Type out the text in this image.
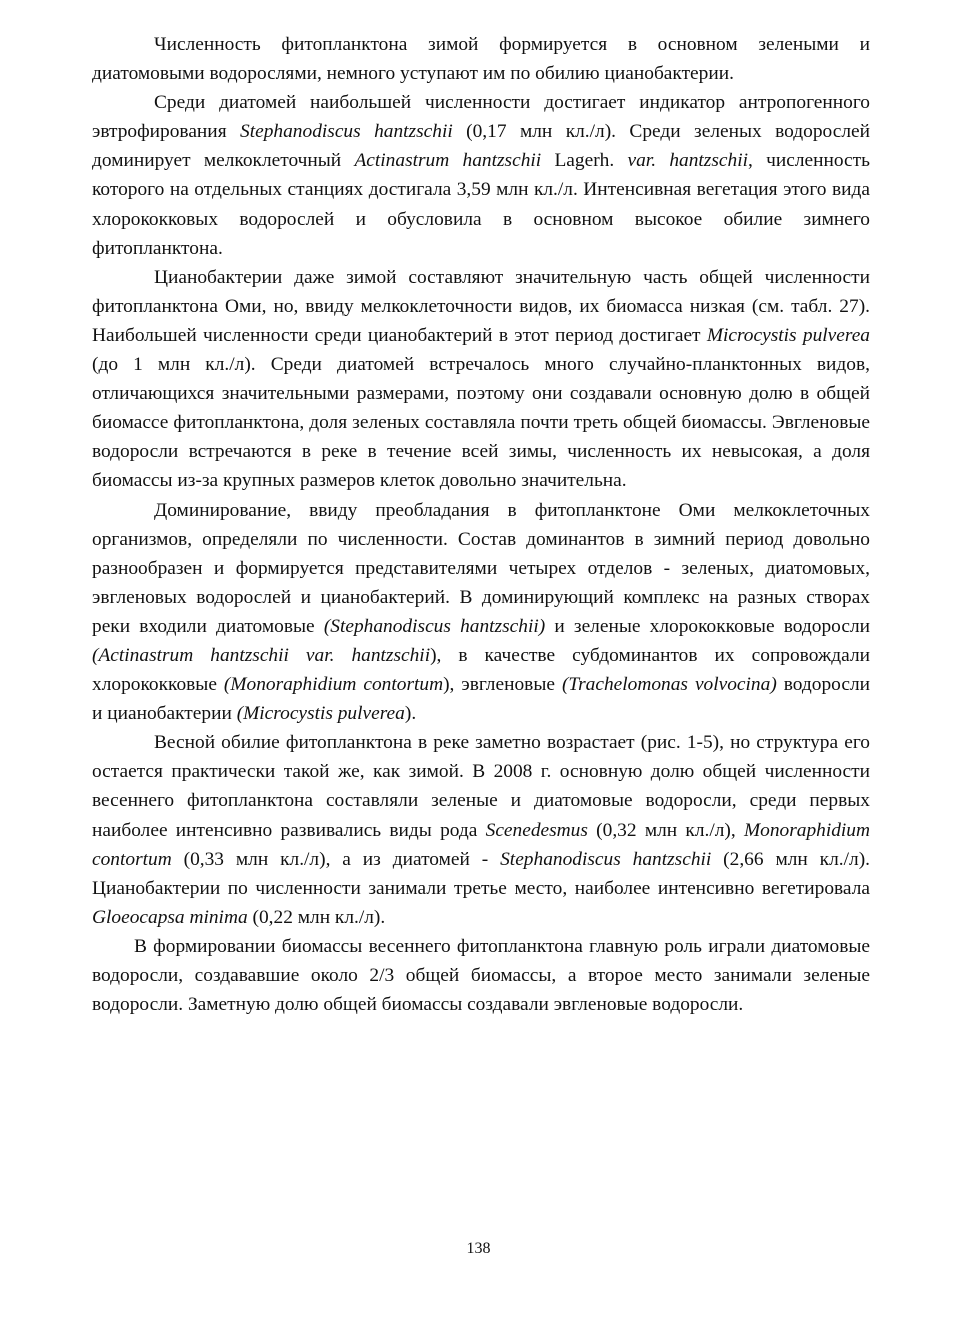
Численность фитопланктона зимой формируется в основном зелеными и диатомовыми водорослями, немного уступают им по обилию цианобактерии.

Среди диатомей наибольшей численности достигает индикатор антропогенного эвтрофирования Stephanodiscus hantzschii (0,17 млн кл./л). Среди зеленых водорослей доминирует мелкоклеточный Actinastrum hantzschii Lagerh. var. hantzschii, численность которого на отдельных станциях достигала 3,59 млн кл./л. Интенсивная вегетация этого вида хлорококковых водорослей и обусловила в основном высокое обилие зимнего фитопланктона.

Цианобактерии даже зимой составляют значительную часть общей численности фитопланктона Оми, но, ввиду мелкоклеточности видов, их биомасса низкая (см. табл. 27). Наибольшей численности среди цианобактерий в этот период достигает Microcystis pulverea (до 1 млн кл./л). Среди диатомей встречалось много случайно-планктонных видов, отличающихся значительными размерами, поэтому они создавали основную долю в общей биомассе фитопланктона, доля зеленых составляла почти треть общей биомассы. Эвгленовые водоросли встречаются в реке в течение всей зимы, численность их невысокая, а доля биомассы из-за крупных размеров клеток довольно значительна.

Доминирование, ввиду преобладания в фитопланктоне Оми мелкоклеточных организмов, определяли по численности. Состав доминантов в зимний период довольно разнообразен и формируется представителями четырех отделов - зеленых, диатомовых, эвгленовых водорослей и цианобактерий. В доминирующий комплекс на разных створах реки входили диатомовые (Stephanodiscus hantzschii) и зеленые хлорококковые водоросли (Actinastrum hantzschii var. hantzschii), в качестве субдоминантов их сопровождали хлорококковые (Monoraphidium contortum), эвгленовые (Trachelomonas volvocina) водоросли и цианобактерии (Microcystis pulverea).

Весной обилие фитопланктона в реке заметно возрастает (рис. 1-5), но структура его остается практически такой же, как зимой. В 2008 г. основную долю общей численности весеннего фитопланктона составляли зеленые и диатомовые водоросли, среди первых наиболее интенсивно развивались виды рода Scenedesmus (0,32 млн кл./л), Monoraphidium contortum (0,33 млн кл./л), а из диатомей - Stephanodiscus hantzschii (2,66 млн кл./л). Цианобактерии по численности занимали третье место, наиболее интенсивно вегетировала Gloeocapsa minima (0,22 млн кл./л).

В формировании биомассы весеннего фитопланктона главную роль играли диатомовые водоросли, создававшие около 2/3 общей биомассы, а второе место занимали зеленые водоросли. Заметную долю общей биомассы создавали эвгленовые водоросли.

138
